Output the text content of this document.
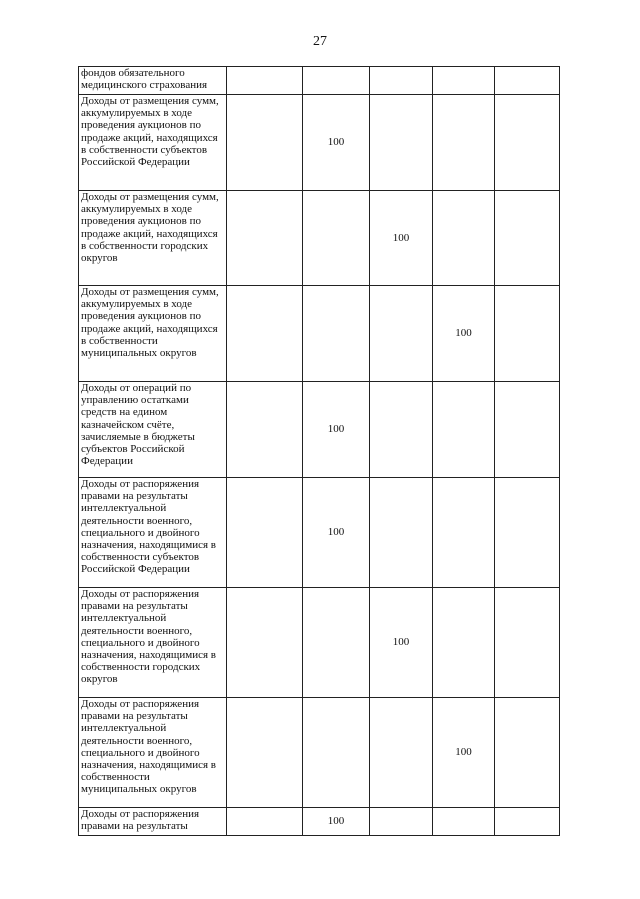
27
фондов обязательного медицинского страхования					
Доходы от размещения сумм, аккумулируемых в ходе проведения аукционов по продаже акций, находящихся в собственности субъектов Российской Федерации		100			
Доходы от размещения сумм, аккумулируемых в ходе проведения аукционов по продаже акций, находящихся в собственности городских округов			100		
Доходы от размещения сумм, аккумулируемых в ходе проведения аукционов по продаже акций, находящихся в собственности муниципальных округов				100	
Доходы от операций по управлению остатками средств на едином казначейском счёте, зачисляемые в бюджеты субъектов Российской Федерации		100			
Доходы от распоряжения правами на результаты интеллектуальной деятельности военного, специального и двойного назначения, находящимися в собственности субъектов Российской Федерации		100			
Доходы от распоряжения правами на результаты интеллектуальной деятельности военного, специального и двойного назначения, находящимися в собственности городских округов			100		
Доходы от распоряжения правами на результаты интеллектуальной деятельности военного, специального и двойного назначения, находящимися в собственности муниципальных округов				100	
Доходы от распоряжения правами на результаты		100			
